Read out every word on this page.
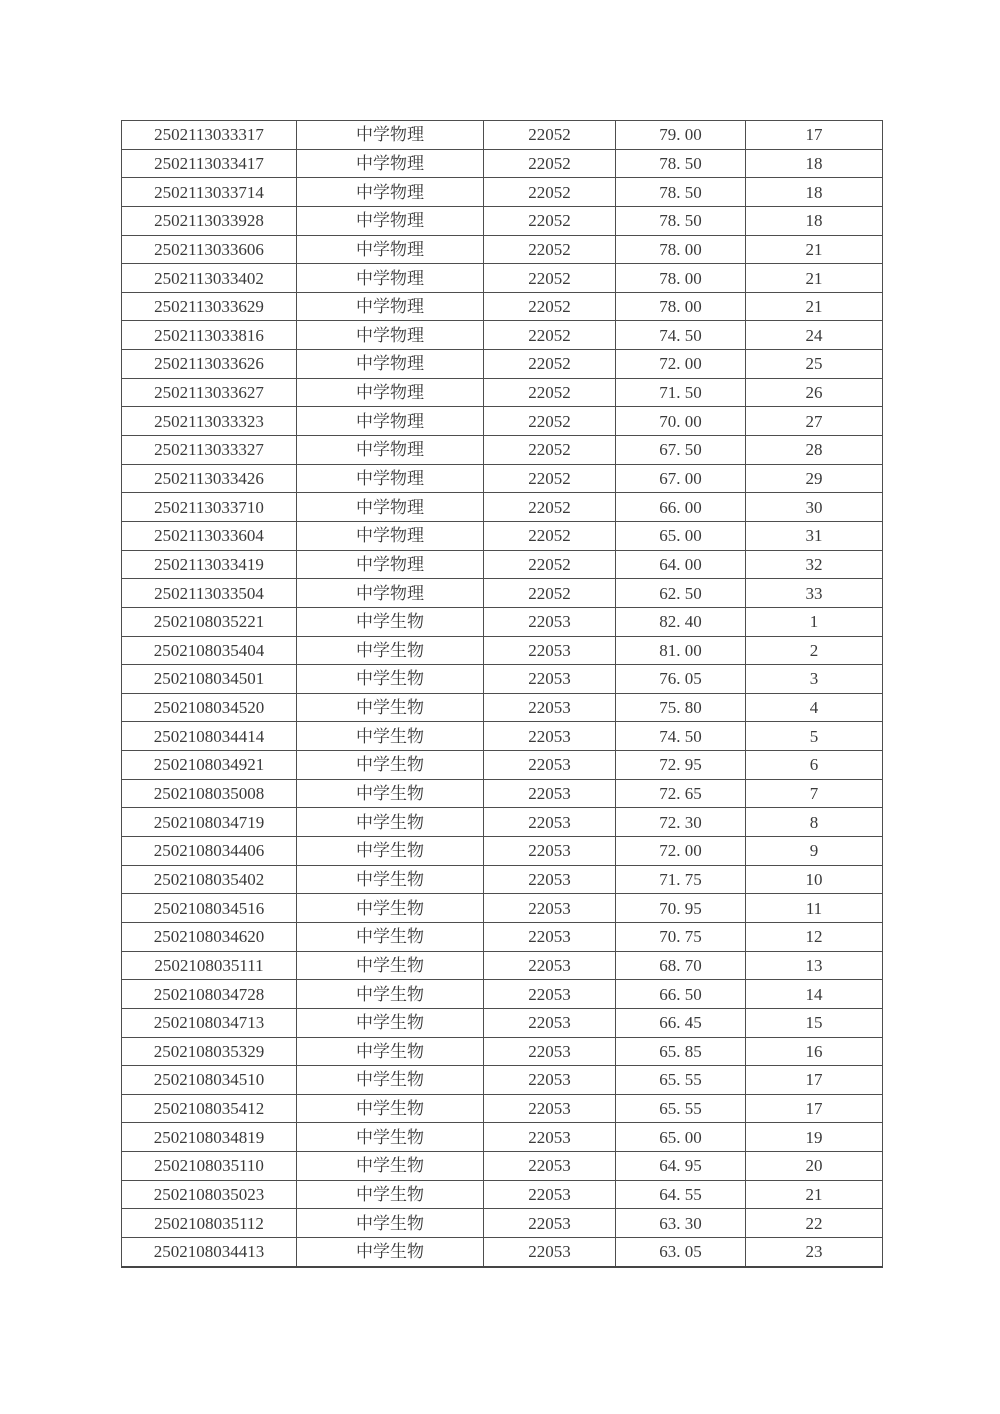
2502113033317	中学物理	22052	79. 00	17
2502113033417	中学物理	22052	78. 50	18
2502113033714	中学物理	22052	78. 50	18
2502113033928	中学物理	22052	78. 50	18
2502113033606	中学物理	22052	78. 00	21
2502113033402	中学物理	22052	78. 00	21
2502113033629	中学物理	22052	78. 00	21
2502113033816	中学物理	22052	74. 50	24
2502113033626	中学物理	22052	72. 00	25
2502113033627	中学物理	22052	71. 50	26
2502113033323	中学物理	22052	70. 00	27
2502113033327	中学物理	22052	67. 50	28
2502113033426	中学物理	22052	67. 00	29
2502113033710	中学物理	22052	66. 00	30
2502113033604	中学物理	22052	65. 00	31
2502113033419	中学物理	22052	64. 00	32
2502113033504	中学物理	22052	62. 50	33
2502108035221	中学生物	22053	82. 40	1
2502108035404	中学生物	22053	81. 00	2
2502108034501	中学生物	22053	76. 05	3
2502108034520	中学生物	22053	75. 80	4
2502108034414	中学生物	22053	74. 50	5
2502108034921	中学生物	22053	72. 95	6
2502108035008	中学生物	22053	72. 65	7
2502108034719	中学生物	22053	72. 30	8
2502108034406	中学生物	22053	72. 00	9
2502108035402	中学生物	22053	71. 75	10
2502108034516	中学生物	22053	70. 95	11
2502108034620	中学生物	22053	70. 75	12
2502108035111	中学生物	22053	68. 70	13
2502108034728	中学生物	22053	66. 50	14
2502108034713	中学生物	22053	66. 45	15
2502108035329	中学生物	22053	65. 85	16
2502108034510	中学生物	22053	65. 55	17
2502108035412	中学生物	22053	65. 55	17
2502108034819	中学生物	22053	65. 00	19
2502108035110	中学生物	22053	64. 95	20
2502108035023	中学生物	22053	64. 55	21
2502108035112	中学生物	22053	63. 30	22
2502108034413	中学生物	22053	63. 05	23
